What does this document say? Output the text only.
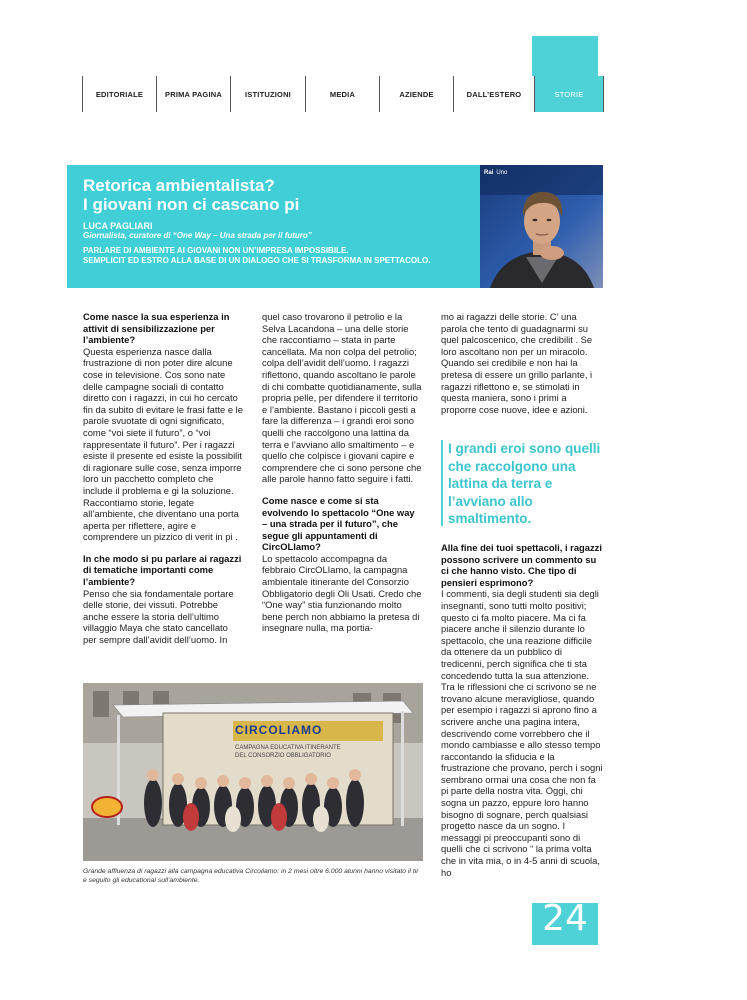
EDITORIALE	PRIMA PAGINA	ISTITUZIONI	MEDIA	AZIENDE	DALL’ESTERO	STORIE
Retorica ambientalista?
I giovani non ci cascano pi
LUCA PAGLIARI
Giornalista, curatore di “One Way – Una strada per il futuro”
PARLARE DI AMBIENTE AI GIOVANI NON UN’IMPRESA IMPOSSIBILE.
SEMPLICIT ED ESTRO ALLA BASE DI UN DIALOGO CHE SI TRASFORMA IN SPETTACOLO.
Rai Uno

Come nasce la sua esperienza in attivit di sensibilizzazione per l’ambiente?

Questa esperienza nasce dalla frustrazione di non poter dire alcune cose in televisione. Cos sono nate delle campagne sociali di contatto diretto con i ragazzi, in cui ho cercato fin da subito di evitare le frasi fatte e le parole svuotate di ogni significato, come “voi siete il futuro”, o “voi rappresentate il futuro”. Per i ragazzi esiste il presente ed esiste la possibilit di ragionare sulle cose, senza imporre loro un pacchetto completo che include il problema e gi la soluzione. Raccontiamo storie, legate all’ambiente, che diventano una porta aperta per riflettere, agire e comprendere un pizzico di verit in pi .

In che modo si pu parlare ai ragazzi di tematiche importanti come l’ambiente?

Penso che sia fondamentale portare delle storie, dei vissuti. Potrebbe anche essere la storia dell’ultimo villaggio Maya che stato cancellato per sempre dall’avidit dell’uomo. In

quel caso trovarono il petrolio e la Selva Lacandona – una delle storie che raccontiamo – stata in parte cancellata. Ma non colpa del petrolio; colpa dell’avidit dell’uomo. I ragazzi riflettono, quando ascoltano le parole di chi combatte quotidianamente, sulla propria pelle, per difendere il territorio e l’ambiente. Bastano i piccoli gesti a fare la differenza – i grandi eroi sono quelli che raccolgono una lattina da terra e l’avviano allo smaltimento – e quello che colpisce i giovani capire e comprendere che ci sono persone che alle parole hanno fatto seguire i fatti.

Come nasce e come si sta evolvendo lo spettacolo “One way – una strada per il futuro”, che segue gli appuntamenti di CircOLIamo?

Lo spettacolo accompagna da febbraio CircOLIamo, la campagna ambientale itinerante del Consorzio Obbligatorio degli Oli Usati. Credo che “One way” stia funzionando molto bene perch non abbiamo la pretesa di insegnare nulla, ma portia-

mo ai ragazzi delle storie. C’ una parola che tento di guadagnarmi su quel palcoscenico, che credibilit . Se loro ascoltano non per un miracolo. Quando sei credibile e non hai la pretesa di essere un grillo parlante, i ragazzi riflettono e, se stimolati in questa maniera, sono i primi a proporre cose nuove, idee e azioni.

I grandi eroi sono quelli che raccolgono una lattina da terra e l’avviano allo smaltimento.

Alla fine dei tuoi spettacoli, i ragazzi possono scrivere un commento su ci che hanno visto. Che tipo di pensieri esprimono?

I commenti, sia degli studenti sia degli insegnanti, sono tutti molto positivi; questo ci fa molto piacere. Ma ci fa piacere anche il silenzio durante lo spettacolo, che una reazione difficile da ottenere da un pubblico di tredicenni, perch significa che ti sta concedendo tutta la sua attenzione. Tra le riflessioni che ci scrivono se ne trovano alcune meravigliose, quando per esempio i ragazzi si aprono fino a scrivere anche una pagina intera, descrivendo come vorrebbero che il mondo cambiasse e allo stesso tempo raccontando la sfiducia e la frustrazione che provano, perch i sogni sembrano ormai una cosa che non fa pi parte della nostra vita. Oggi, chi sogna un pazzo, eppure loro hanno bisogno di sognare, perch qualsiasi progetto nasce da un sogno. I messaggi pi preoccupanti sono di quelli che ci scrivono “ la prima volta che in vita mia, o in 4-5 anni di scuola, ho

CIRCOLIAMO
CAMPAGNA EDUCATIVA ITINERANTE
DEL CONSORZIO OBBLIGATORIO
Grande affluenza di ragazzi alla campagna educativa Circoliamo: in 2 mesi oltre 6.000 alunni hanno visitato il tir e seguito gli educational sull’ambiente.
24
